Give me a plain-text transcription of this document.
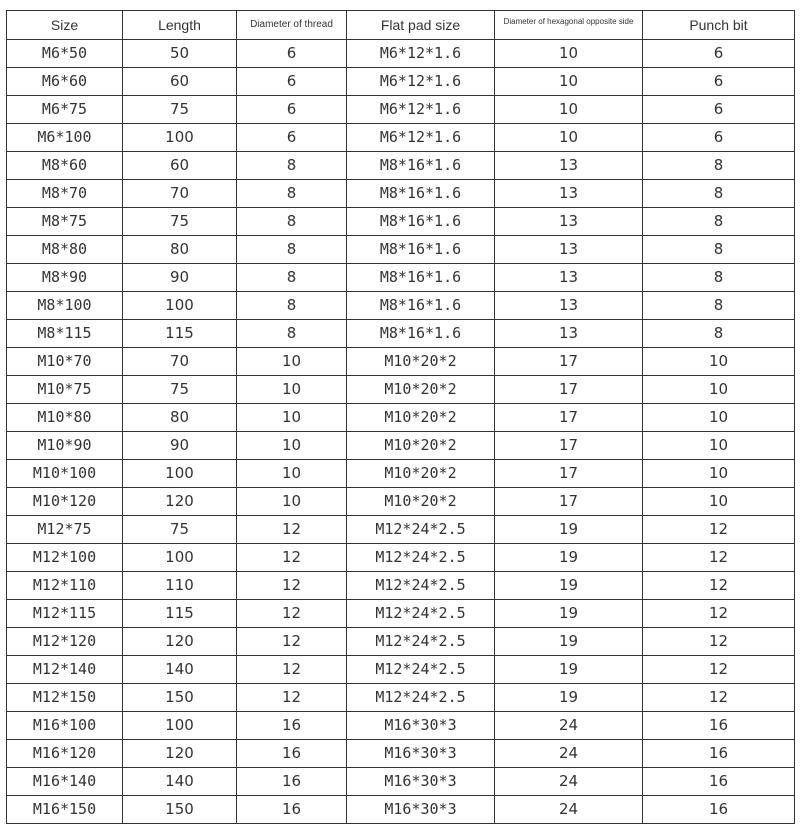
Size	Length	Diameter of thread	Flat pad size	Diameter of hexagonal opposite side	Punch bit
M6*50	50	6	M6*12*1.6	10	6
M6*60	60	6	M6*12*1.6	10	6
M6*75	75	6	M6*12*1.6	10	6
M6*100	100	6	M6*12*1.6	10	6
M8*60	60	8	M8*16*1.6	13	8
M8*70	70	8	M8*16*1.6	13	8
M8*75	75	8	M8*16*1.6	13	8
M8*80	80	8	M8*16*1.6	13	8
M8*90	90	8	M8*16*1.6	13	8
M8*100	100	8	M8*16*1.6	13	8
M8*115	115	8	M8*16*1.6	13	8
M10*70	70	10	M10*20*2	17	10
M10*75	75	10	M10*20*2	17	10
M10*80	80	10	M10*20*2	17	10
M10*90	90	10	M10*20*2	17	10
M10*100	100	10	M10*20*2	17	10
M10*120	120	10	M10*20*2	17	10
M12*75	75	12	M12*24*2.5	19	12
M12*100	100	12	M12*24*2.5	19	12
M12*110	110	12	M12*24*2.5	19	12
M12*115	115	12	M12*24*2.5	19	12
M12*120	120	12	M12*24*2.5	19	12
M12*140	140	12	M12*24*2.5	19	12
M12*150	150	12	M12*24*2.5	19	12
M16*100	100	16	M16*30*3	24	16
M16*120	120	16	M16*30*3	24	16
M16*140	140	16	M16*30*3	24	16
M16*150	150	16	M16*30*3	24	16
